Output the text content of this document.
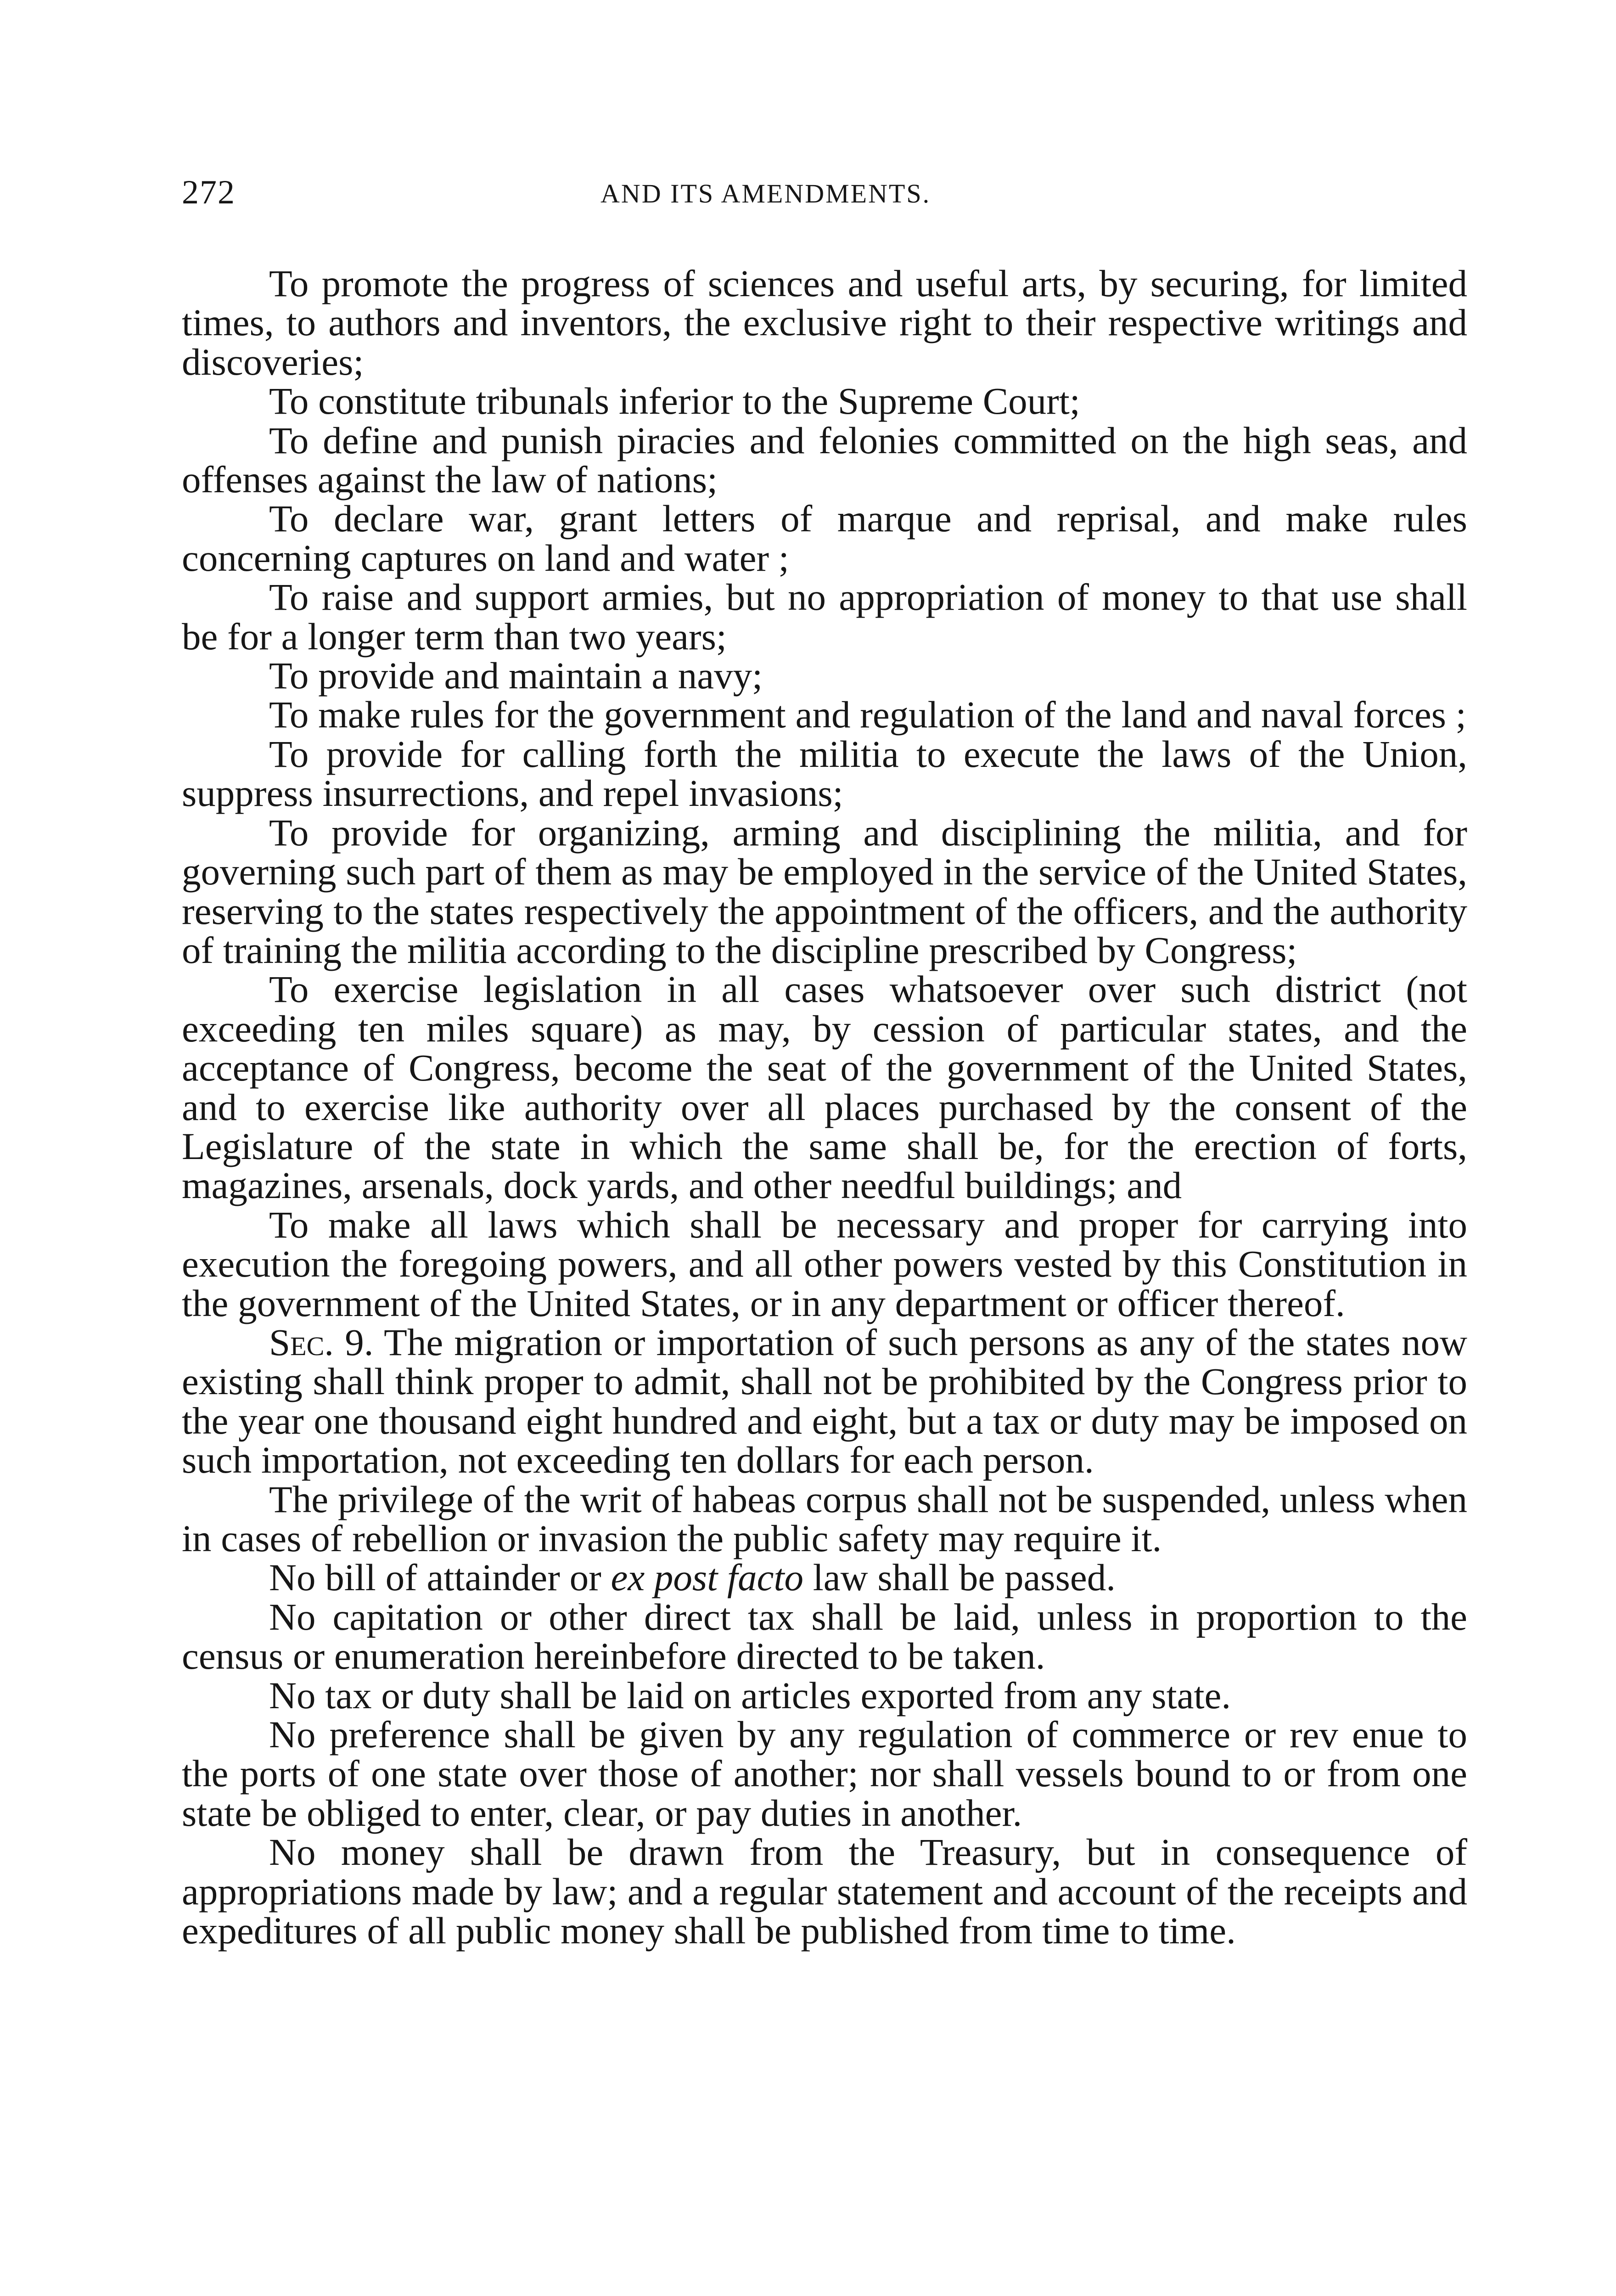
272	AND ITS AMENDMENTS.

To promote the progress of sciences and useful arts, by securing, for limited times, to authors and inventors, the exclusive right to their respective writings and discoveries;

To constitute tribunals inferior to the Supreme Court;

To define and punish piracies and felonies committed on the high seas, and offenses against the law of nations;

To declare war, grant letters of marque and reprisal, and make rules concerning captures on land and water ;

To raise and support armies, but no appropriation of money to that use shall be for a longer term than two years;

To provide and maintain a navy;

To make rules for the government and regulation of the land and naval forces ;

To provide for calling forth the militia to execute the laws of the Union, suppress insurrections, and repel invasions;

To provide for organizing, arming and disciplining the militia, and for governing such part of them as may be employed in the service of the United States, reserving to the states respectively the appointment of the officers, and the authority of training the militia according to the discipline prescribed by Congress;

To exercise legislation in all cases whatsoever over such district (not exceeding ten miles square) as may, by cession of particular states, and the acceptance of Congress, become the seat of the government of the United States, and to exercise like authority over all places purchased by the consent of the Legislature of the state in which the same shall be, for the erection of forts, magazines, arsenals, dock yards, and other needful buildings; and

To make all laws which shall be necessary and proper for carrying into execution the foregoing powers, and all other powers vested by this Constitution in the government of the United States, or in any department or officer thereof.

Sec. 9. The migration or importation of such persons as any of the states now existing shall think proper to admit, shall not be prohibited by the Congress prior to the year one thousand eight hundred and eight, but a tax or duty may be imposed on such importation, not exceeding ten dollars for each person.

The privilege of the writ of habeas corpus shall not be suspended, unless when in cases of rebellion or invasion the public safety may require it.

No bill of attainder or ex post facto law shall be passed.

No capitation or other direct tax shall be laid, unless in proportion to the census or enumeration hereinbefore directed to be taken.

No tax or duty shall be laid on articles exported from any state.

No preference shall be given by any regulation of commerce or rev enue to the ports of one state over those of another; nor shall vessels bound to or from one state be obliged to enter, clear, or pay duties in another.

No money shall be drawn from the Treasury, but in consequence of appropriations made by law; and a regular statement and account of the receipts and expeditures of all public money shall be published from time to time.
